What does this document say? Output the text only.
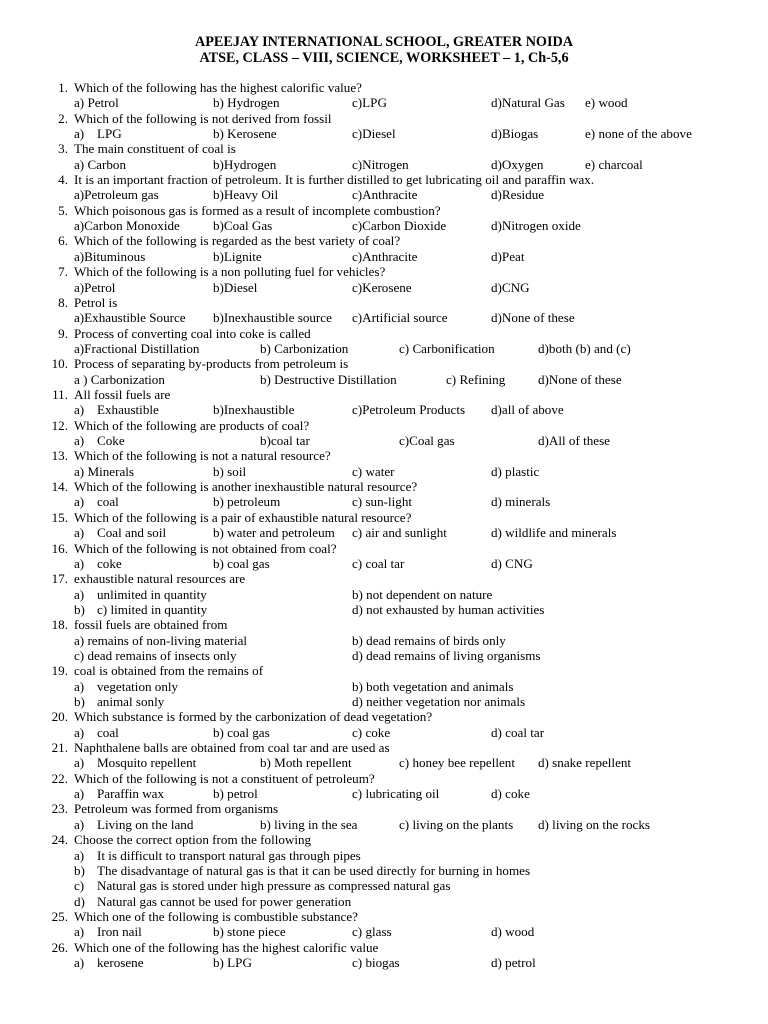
APEEJAY INTERNATIONAL SCHOOL, GREATER NOIDA
ATSE, CLASS – VIII, SCIENCE, WORKSHEET – 1, Ch-5,6
1. Which of the following has the highest calorific value?
a) Petrol	b) Hydrogen	c)LPG	d)Natural Gas e) wood
2. Which of the following is not derived from fossil
a) LPG	b) Kerosene	c)Diesel	d)Biogas	e) none of the above
3. The main constituent of coal is
a) Carbon	b)Hydrogen	c)Nitrogen	d)Oxygen	e) charcoal
4. It is an important fraction of petroleum. It is further distilled to get lubricating oil and paraffin wax.
a)Petroleum gas	b)Heavy Oil	c)Anthracite	d)Residue
5. Which poisonous gas is formed as a result of incomplete combustion?
a)Carbon Monoxide	b)Coal Gas	c)Carbon Dioxide	d)Nitrogen oxide
6. Which of the following is regarded as the best variety of coal?
a)Bituminous	b)Lignite	c)Anthracite	d)Peat
7. Which of the following is a non polluting fuel for vehicles?
a)Petrol	b)Diesel	c)Kerosene	d)CNG
8. Petrol is
a)Exhaustible Source b)Inexhaustible source c)Artificial source	d)None of these
9. Process of converting coal into coke is called
a)Fractional Distillation	b) Carbonization	c) Carbonification	d)both (b) and (c)
10. Process of separating by-products from petroleum is
a ) Carbonization	b) Destructive Distillation	c) Refining d)None of these
11. All fossil fuels are
a) Exhaustible	b)Inexhaustible	c)Petroleum Products d)all of above
12. Which of the following are products of coal?
a) Coke	b)coal tar	c)Coal gas	d)All of these
13. Which of the following is not a natural resource?
a) Minerals	b) soil	c) water	d) plastic
14. Which of the following is another inexhaustible natural resource?
a) coal	b) petroleum	c) sun-light	d) minerals
15. Which of the following is a pair of exhaustible natural resource?
a) Coal and soil	b) water and petroleum c) air and sunlight	d) wildlife and minerals
16. Which of the following is not obtained from coal?
a) coke	b) coal gas	c) coal tar	d) CNG
17. exhaustible natural resources are
a) unlimited in quantity	b) not dependent on nature
b) c) limited in quantity	d) not exhausted by human activities
18. fossil fuels are obtained from
a) remains of non-living material	b) dead remains of birds only
c) dead remains of insects only	d) dead remains of living organisms
19. coal is obtained from the remains of
a) vegetation only	b) both vegetation and animals
b) animal sonly	d) neither vegetation nor animals
20. Which substance is formed by the carbonization of dead vegetation?
a) coal	b) coal gas	c) coke	d) coal tar
21. Naphthalene balls are obtained from coal tar and are used as
a) Mosquito repellent	b) Moth repellent	c) honey bee repellent d) snake repellent
22. Which of the following is not a constituent of petroleum?
a) Paraffin wax	b) petrol	c) lubricating oil	d) coke
23. Petroleum was formed from organisms
a) Living on the land	b) living in the sea	c) living on the plants d) living on the rocks
24. Choose the correct option from the following
a) It is difficult to transport natural gas through pipes
b) The disadvantage of natural gas is that it can be used directly for burning in homes
c) Natural gas is stored under high pressure as compressed natural gas
d) Natural gas cannot be used for power generation
25. Which one of the following is combustible substance?
a) Iron nail	b) stone piece	c) glass	d) wood
26. Which one of the following has the highest calorific value
a) kerosene	b) LPG	c) biogas	d) petrol
